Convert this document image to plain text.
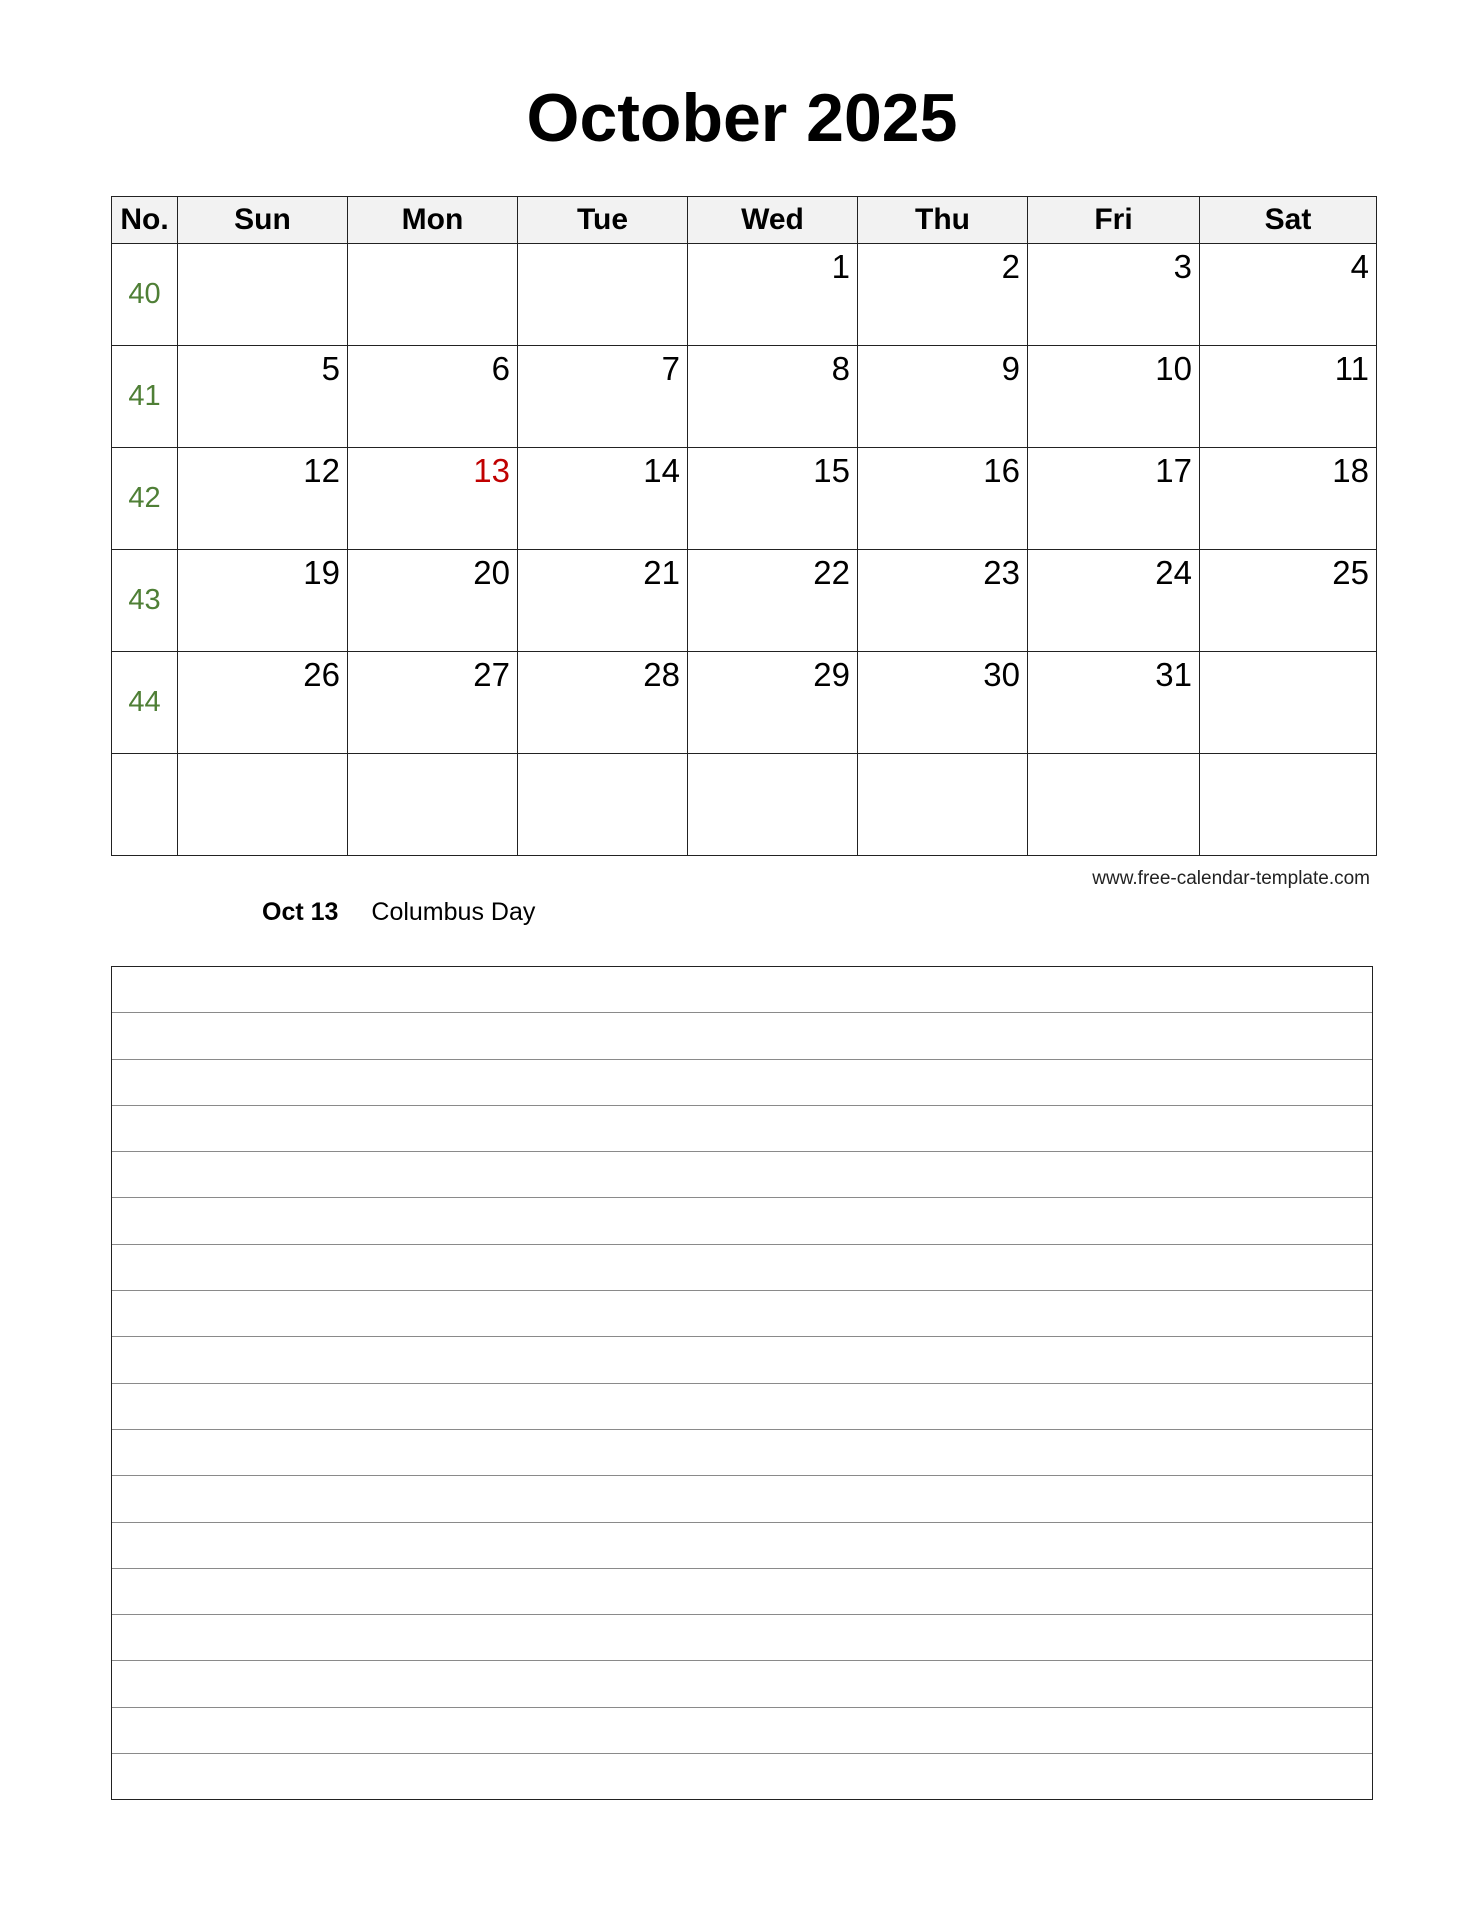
October 2025
No.	Sun	Mon	Tue	Wed	Thu	Fri	Sat
40				1	2	3	4

41	5	6	7	8	9	10	11

42	12	13	14	15	16	17	18

43	19	20	21	22	23	24	25

44	26	27	28	29	30	31	

www.free-calendar-template.com
Oct 13 Columbus Day
